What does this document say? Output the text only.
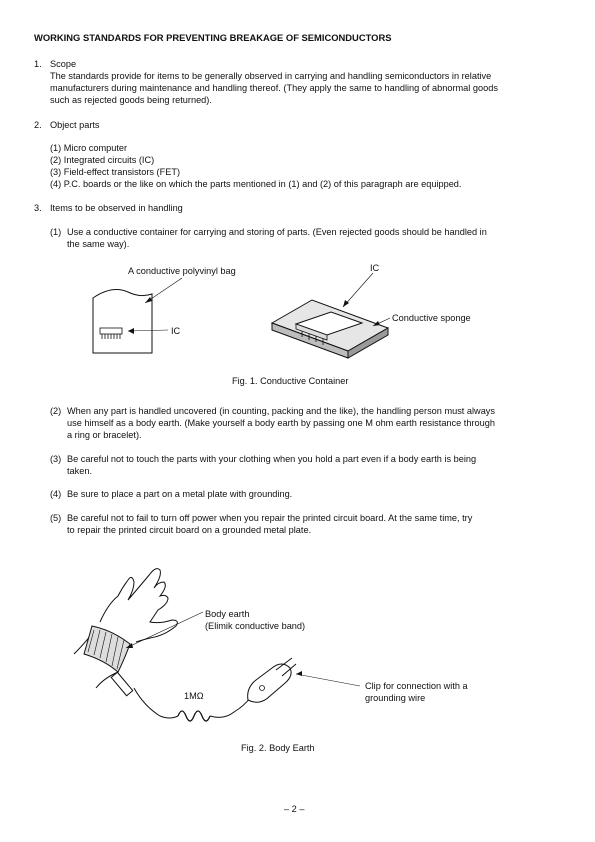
WORKING STANDARDS FOR PREVENTING BREAKAGE OF SEMICONDUCTORS
1. Scope
The standards provide for items to be generally observed in carrying and handling semiconductors in relative
manufacturers during maintenance and handling thereof. (They apply the same to handling of abnormal goods
such as rejected goods being returned).
2. Object parts
(1) Micro computer
(2) Integrated circuits (IC)
(3) Field-effect transistors (FET)
(4) P.C. boards or the like on which the parts mentioned in (1) and (2) of this paragraph are equipped.
3. Items to be observed in handling
(1) Use a conductive container for carrying and storing of parts. (Even rejected goods should be handled in
the same way).
A conductive polyvinyl bag	IC
IC
Conductive sponge
Fig. 1. Conductive Container
(2) When any part is handled uncovered (in counting, packing and the like), the handling person must always
use himself as a body earth. (Make yourself a body earth by passing one M ohm earth resistance through
a ring or bracelet).
(3) Be careful not to touch the parts with your clothing when you hold a part even if a body earth is being
taken.
(4) Be sure to place a part on a metal plate with grounding.
(5) Be careful not to fail to turn off power when you repair the printed circuit board. At the same time, try
to repair the printed circuit board on a grounded metal plate.
Body earth
(Elimik conductive band)
1MΩ
Clip for connection with a
grounding wire
Fig. 2. Body Earth
– 2 –
